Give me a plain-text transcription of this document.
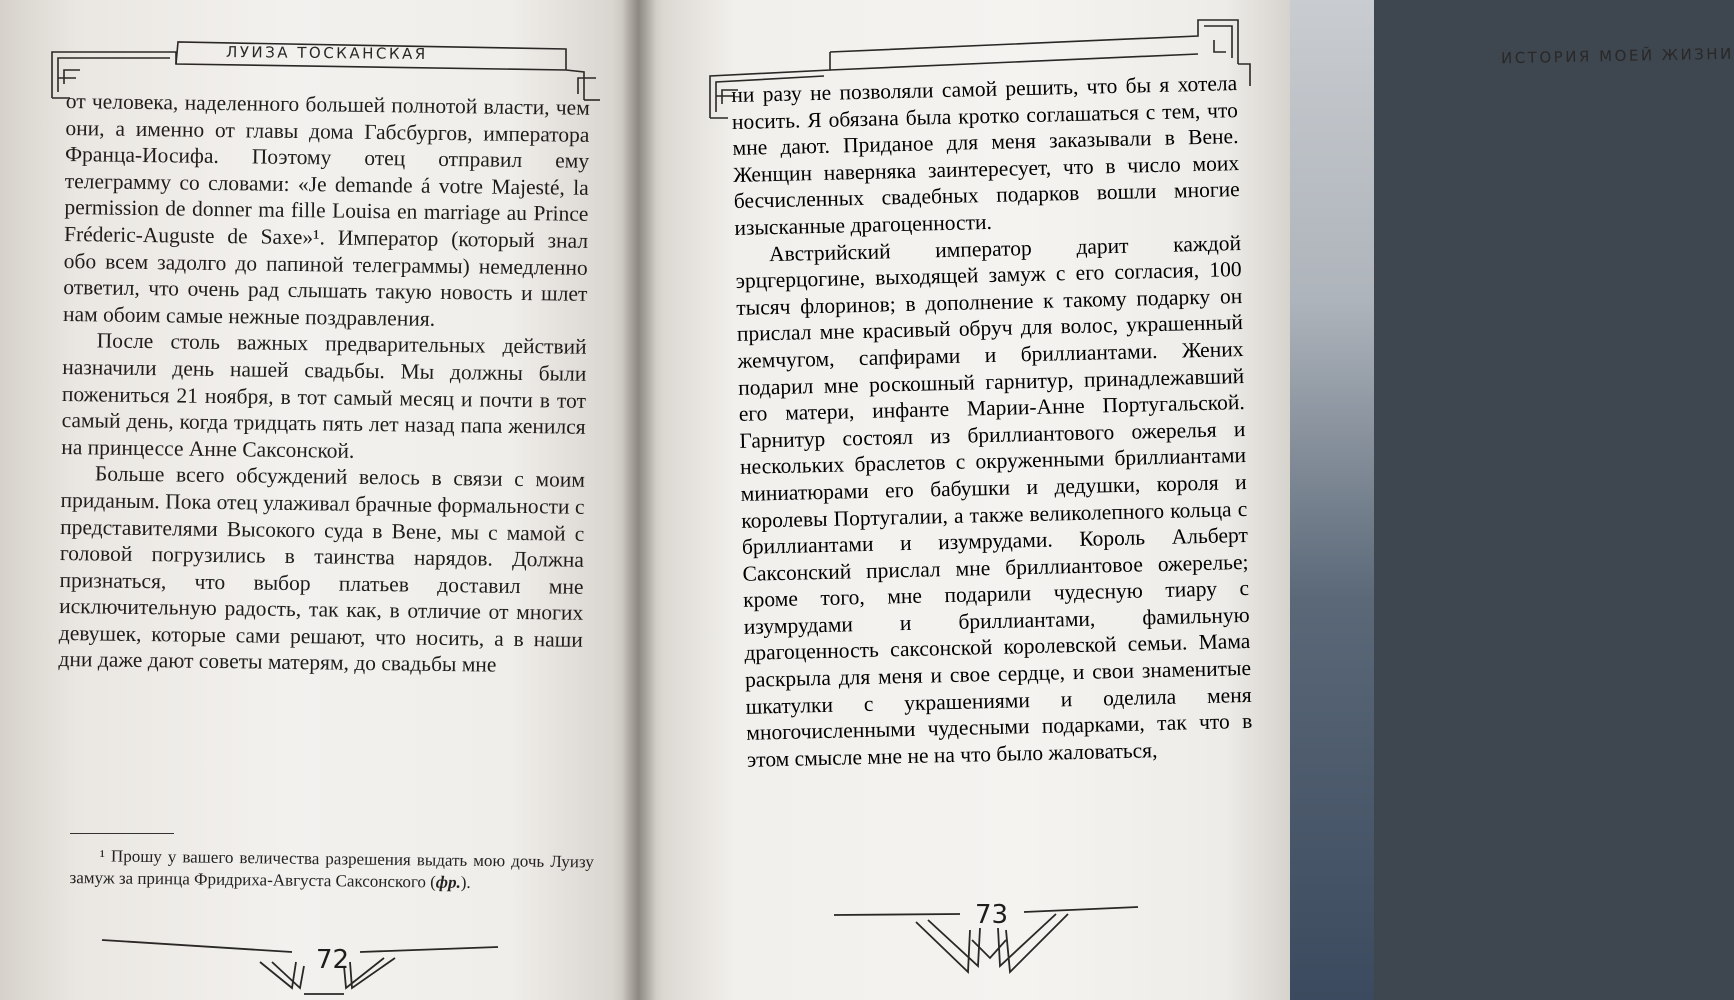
ЛУИЗА ТОСКАНСКАЯ

от человека, наделенного большей полнотой власти, чем они, а именно от главы дома Габсбургов, императора Франца-Иосифа. Поэтому отец отправил ему телеграмму со словами: «Je demande á votre Majesté, la permission de donner ma fille Louisa en marriage au Prince Fréderic-Auguste de Saxe»¹. Император (который знал обо всем задолго до папиной телеграммы) немедленно ответил, что очень рад слышать такую новость и шлет нам обоим самые нежные поздравления.

После столь важных предварительных действий назначили день нашей свадьбы. Мы должны были пожениться 21 ноября, в тот самый месяц и почти в тот самый день, когда тридцать пять лет назад папа женился на принцессе Анне Саксонской.

Больше всего обсуждений велось в связи с моим приданым. Пока отец улаживал брачные формальности с представителями Высокого суда в Вене, мы с мамой с головой погрузились в таинства нарядов. Должна признаться, что выбор платьев доставил мне исключительную радость, так как, в отличие от многих девушек, которые сами решают, что носить, а в наши дни даже дают советы матерям, до свадьбы мне

¹ Прошу у вашего величества разрешения выдать мою дочь Луизу замуж за принца Фридриха-Августа Саксонского (фр.).
72
ИСТОРИЯ МОЕЙ ЖИЗНИ

ни разу не позволяли самой решить, что бы я хотела носить. Я обязана была кротко соглашаться с тем, что мне дают. Приданое для меня заказывали в Вене. Женщин наверняка заинтересует, что в число моих бесчисленных свадебных подарков вошли многие изысканные драгоценности.

Австрийский император дарит каждой эрцгерцогине, выходящей замуж с его согласия, 100 тысяч флоринов; в дополнение к такому подарку он прислал мне красивый обруч для волос, украшенный жемчугом, сапфирами и бриллиантами. Жених подарил мне роскошный гарнитур, принадлежавший его матери, инфанте Марии-Анне Португальской. Гарнитур состоял из бриллиантового ожерелья и нескольких браслетов с окруженными бриллиантами миниатюрами его бабушки и дедушки, короля и королевы Португалии, а также великолепного кольца с бриллиантами и изумрудами. Король Альберт Саксонский прислал мне бриллиантовое ожерелье; кроме того, мне подарили чудесную тиару с изумрудами и бриллиантами, фамильную драгоценность саксонской королевской семьи. Мама раскрыла для меня и свое сердце, и свои знаменитые шкатулки с украшениями и оделила меня многочисленными чудесными подарками, так что в этом смысле мне не на что было жаловаться,

73
